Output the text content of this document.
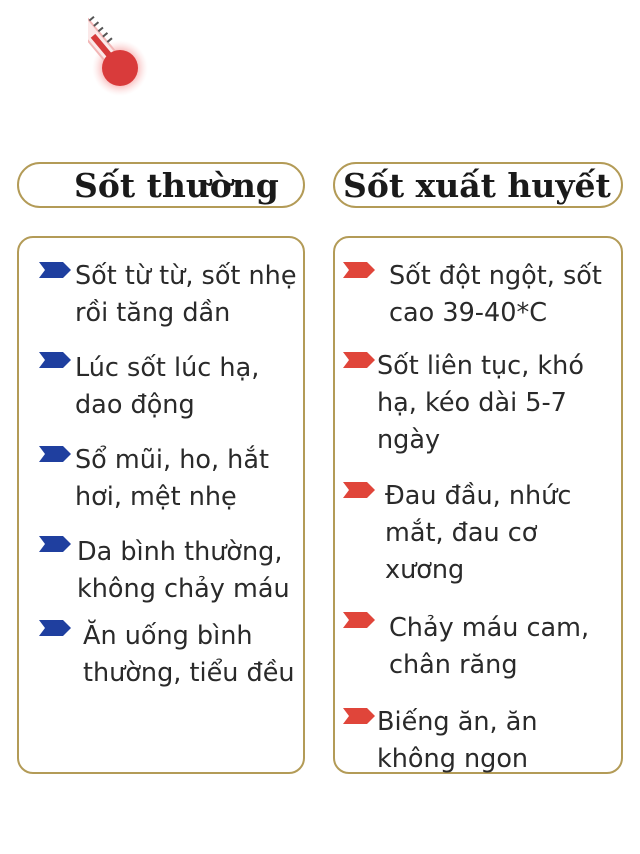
Sốt thường Sốt xuất huyết
Sốt từ từ, sốt nhẹ
rồi tăng dần
Lúc sốt lúc hạ,
dao động
Sổ mũi, ho, hắt
hơi, mệt nhẹ
Da bình thường,
không chảy máu
Ăn uống bình
thường, tiểu đều
Sốt đột ngột, sốt
cao 39-40*C
Sốt liên tục, khó
hạ, kéo dài 5-7
ngày
Đau đầu, nhức
mắt, đau cơ
xương
Chảy máu cam,
chân răng
Biếng ăn, ăn
không ngon
